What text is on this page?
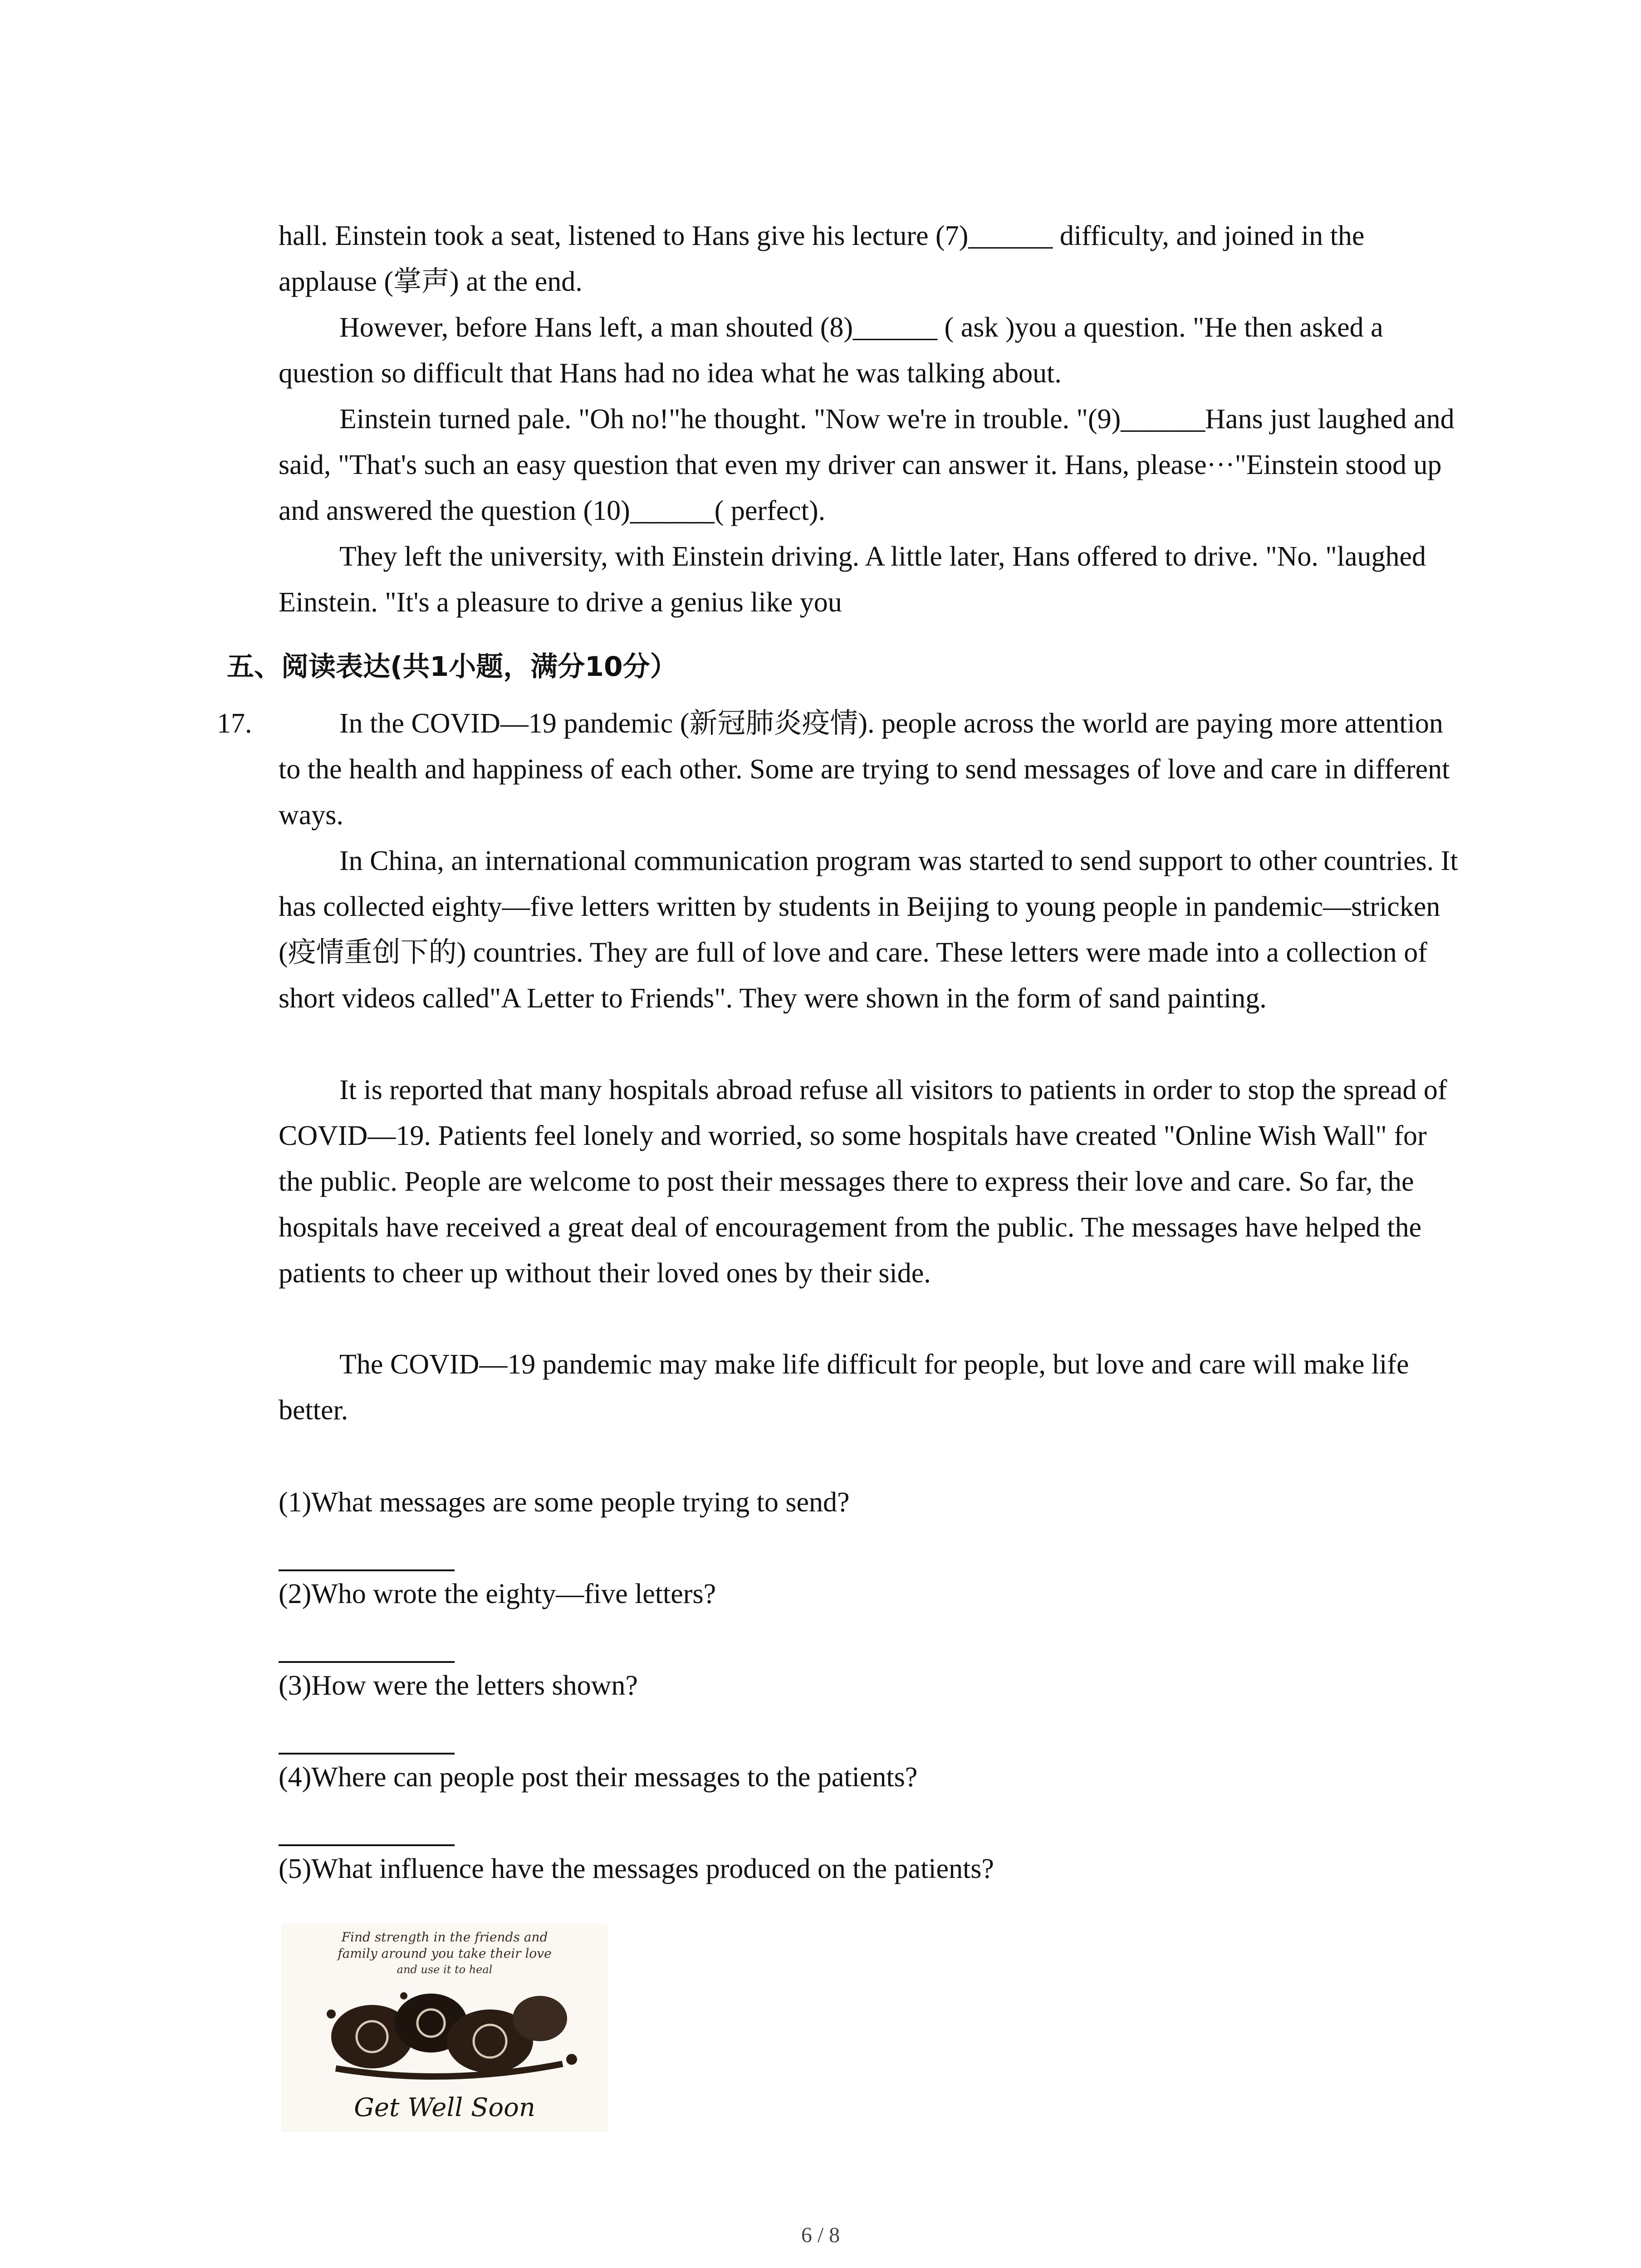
hall. Einstein took a seat, listened to Hans give his lecture (7)______ difficulty, and joined in the applause (掌声) at the end.

However, before Hans left, a man shouted (8)______ ( ask )you a question. "He then asked a question so difficult that Hans had no idea what he was talking about.

Einstein turned pale. "Oh no!"he thought. "Now we're in trouble. "(9)______Hans just laughed and said, "That's such an easy question that even my driver can answer it. Hans, please···"Einstein stood up and answered the question (10)______( perfect).

They left the university, with Einstein driving. A little later, Hans offered to drive. "No. "laughed Einstein. "It's a pleasure to drive a genius like you

五、阅读表达(共1小题，满分10分）
17.	In the COVID—19 pandemic (新冠肺炎疫情). people across the world are paying more attention to the health and happiness of each other. Some are trying to send messages of love and care in different ways.

In China, an international communication program was started to send support to other countries. It has collected eighty—five letters written by students in Beijing to young people in pandemic—stricken (疫情重创下的) countries. They are full of love and care. These letters were made into a collection of short videos called"A Letter to Friends". They were shown in the form of sand painting.

It is reported that many hospitals abroad refuse all visitors to patients in order to stop the spread of COVID—19. Patients feel lonely and worried, so some hospitals have created "Online Wish Wall" for the public. People are welcome to post their messages there to express their love and care. So far, the hospitals have received a great deal of encouragement from the public. The messages have helped the patients to cheer up without their loved ones by their side.

The COVID—19 pandemic may make life difficult for people, but love and care will make life better.

(1)What messages are some people trying to send?
(2)Who wrote the eighty—five letters?
(3)How were the letters shown?
(4)Where can people post their messages to the patients?
(5)What influence have the messages produced on the patients?
Find strength in the friends and
family around you take their love
and use it to heal
Get Well Soon
6 / 8
